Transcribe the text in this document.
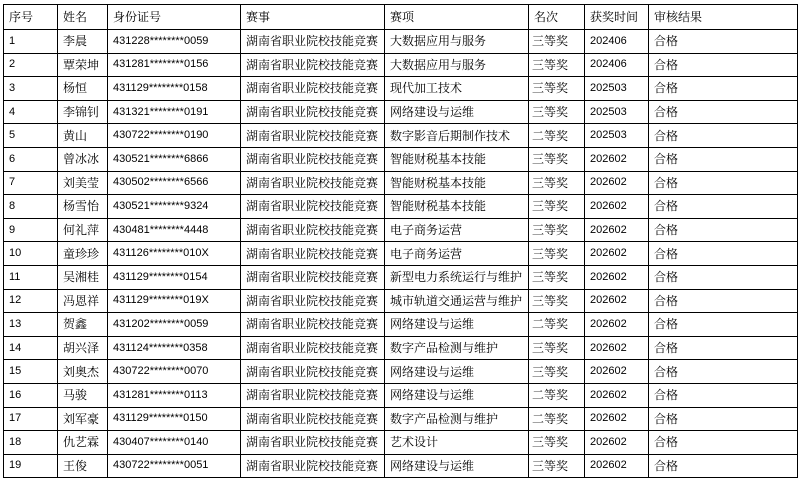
序号	姓名	身份证号	赛事	赛项	名次	获奖时间	审核结果
1	李晨	431228********0059	湖南省职业院校技能竞赛	大数据应用与服务	三等奖	202406	合格
2	覃荣坤	431281********0156	湖南省职业院校技能竞赛	大数据应用与服务	三等奖	202406	合格
3	杨恒	431129********0158	湖南省职业院校技能竞赛	现代加工技术	三等奖	202503	合格
4	李锦钊	431321********0191	湖南省职业院校技能竞赛	网络建设与运维	三等奖	202503	合格
5	黄山	430722********0190	湖南省职业院校技能竞赛	数字影音后期制作技术	二等奖	202503	合格
6	曾冰冰	430521********6866	湖南省职业院校技能竞赛	智能财税基本技能	三等奖	202602	合格
7	刘美莹	430502********6566	湖南省职业院校技能竞赛	智能财税基本技能	三等奖	202602	合格
8	杨雪怡	430521********9324	湖南省职业院校技能竞赛	智能财税基本技能	三等奖	202602	合格
9	何礼萍	430481********4448	湖南省职业院校技能竞赛	电子商务运营	三等奖	202602	合格
10	童珍珍	431126********010X	湖南省职业院校技能竞赛	电子商务运营	三等奖	202602	合格
11	吴湘桂	431129********0154	湖南省职业院校技能竞赛	新型电力系统运行与维护	三等奖	202602	合格
12	冯恩祥	431129********019X	湖南省职业院校技能竞赛	城市轨道交通运营与维护	三等奖	202602	合格
13	贺鑫	431202********0059	湖南省职业院校技能竞赛	网络建设与运维	二等奖	202602	合格
14	胡兴泽	431124********0358	湖南省职业院校技能竞赛	数字产品检测与维护	三等奖	202602	合格
15	刘奥杰	430722********0070	湖南省职业院校技能竞赛	网络建设与运维	三等奖	202602	合格
16	马骏	431281********0113	湖南省职业院校技能竞赛	网络建设与运维	二等奖	202602	合格
17	刘军豪	431129********0150	湖南省职业院校技能竞赛	数字产品检测与维护	二等奖	202602	合格
18	仇艺霖	430407********0140	湖南省职业院校技能竞赛	艺术设计	三等奖	202602	合格
19	王俊	430722********0051	湖南省职业院校技能竞赛	网络建设与运维	三等奖	202602	合格
